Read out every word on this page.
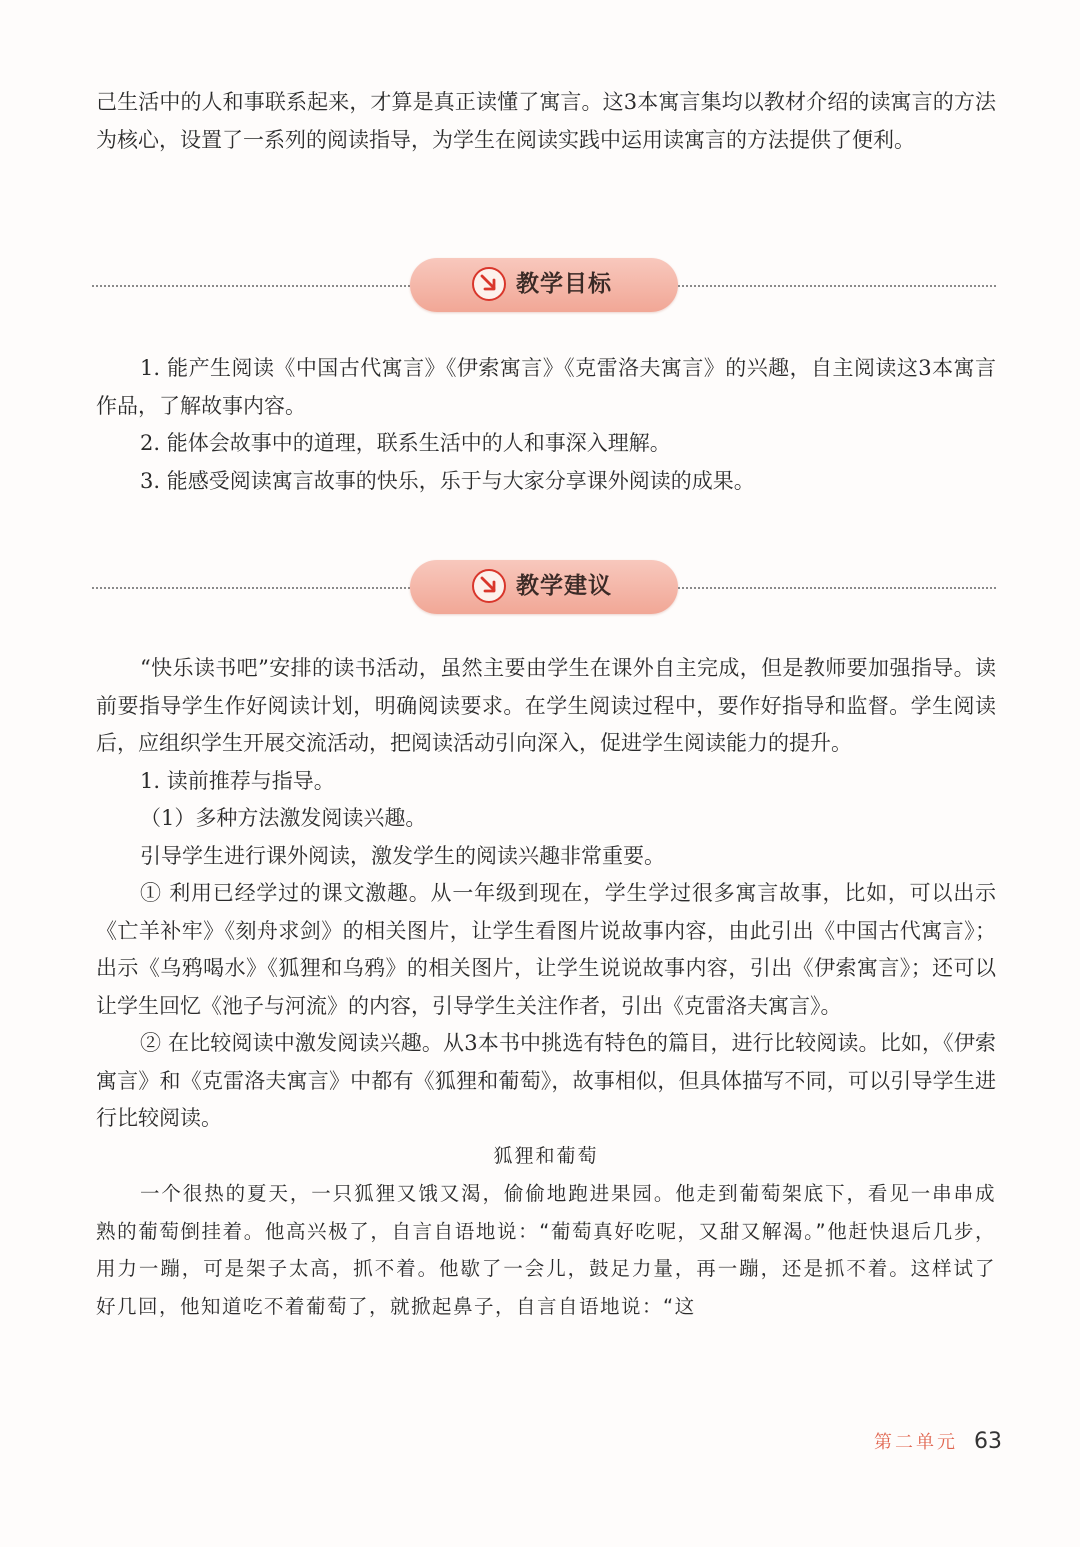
己生活中的人和事联系起来，才算是真正读懂了寓言。这3本寓言集均以教材介绍的读寓言的方法为核心，设置了一系列的阅读指导，为学生在阅读实践中运用读寓言的方法提供了便利。

教学目标

1. 能产生阅读《中国古代寓言》《伊索寓言》《克雷洛夫寓言》的兴趣，自主阅读这3本寓言作品，了解故事内容。

2. 能体会故事中的道理，联系生活中的人和事深入理解。

3. 能感受阅读寓言故事的快乐，乐于与大家分享课外阅读的成果。

教学建议

“快乐读书吧”安排的读书活动，虽然主要由学生在课外自主完成，但是教师要加强指导。读前要指导学生作好阅读计划，明确阅读要求。在学生阅读过程中，要作好指导和监督。学生阅读后，应组织学生开展交流活动，把阅读活动引向深入，促进学生阅读能力的提升。

1. 读前推荐与指导。

（1）多种方法激发阅读兴趣。

引导学生进行课外阅读，激发学生的阅读兴趣非常重要。

① 利用已经学过的课文激趣。从一年级到现在，学生学过很多寓言故事，比如，可以出示《亡羊补牢》《刻舟求剑》的相关图片，让学生看图片说故事内容，由此引出《中国古代寓言》；出示《乌鸦喝水》《狐狸和乌鸦》的相关图片，让学生说说故事内容，引出《伊索寓言》；还可以让学生回忆《池子与河流》的内容，引导学生关注作者，引出《克雷洛夫寓言》。

② 在比较阅读中激发阅读兴趣。从3本书中挑选有特色的篇目，进行比较阅读。比如，《伊索寓言》和《克雷洛夫寓言》中都有《狐狸和葡萄》，故事相似，但具体描写不同，可以引导学生进行比较阅读。

狐狸和葡萄

一个很热的夏天，一只狐狸又饿又渴，偷偷地跑进果园。他走到葡萄架底下，看见一串串成熟的葡萄倒挂着。他高兴极了，自言自语地说：“葡萄真好吃呢，又甜又解渴。”他赶快退后几步，用力一蹦，可是架子太高，抓不着。他歇了一会儿，鼓足力量，再一蹦，还是抓不着。这样试了好几回，他知道吃不着葡萄了，就掀起鼻子，自言自语地说：“这

第二单元 63
